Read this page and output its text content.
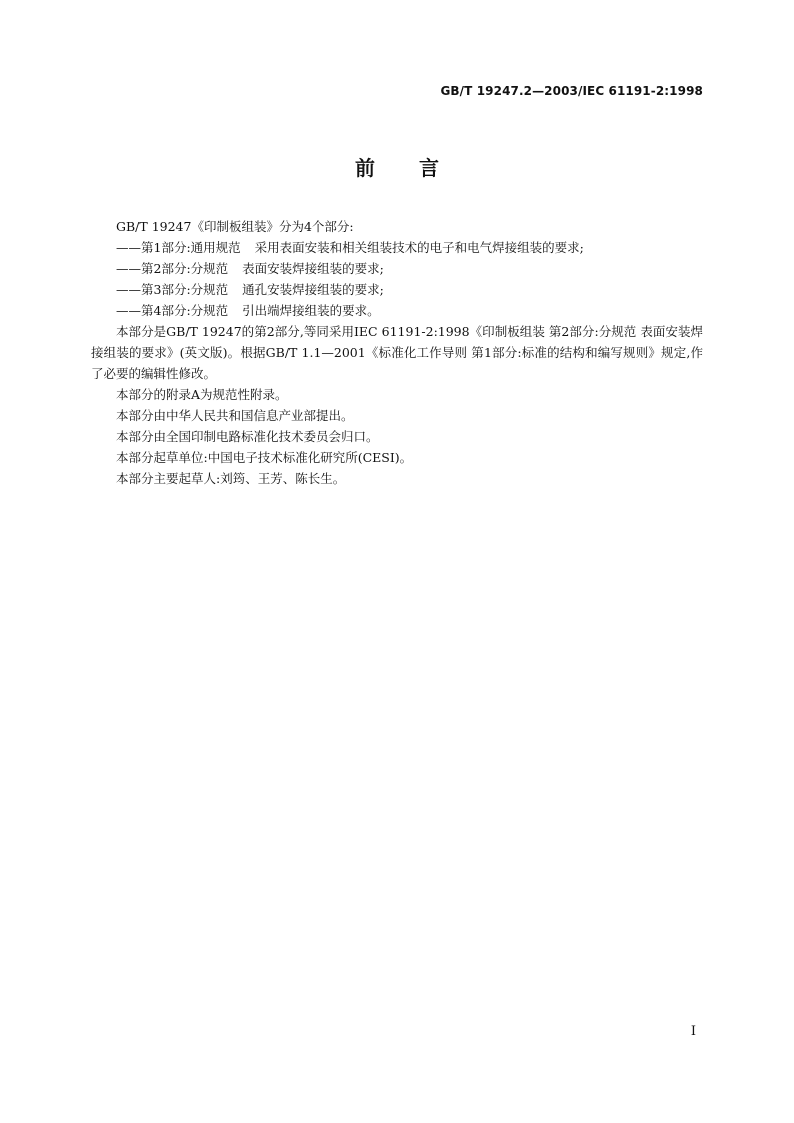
GB/T 19247.2—2003/IEC 61191-2:1998
前言

GB/T 19247《印制板组装》分为4个部分:

——第1部分:通用规范 采用表面安装和相关组装技术的电子和电气焊接组装的要求;

——第2部分:分规范 表面安装焊接组装的要求;

——第3部分:分规范 通孔安装焊接组装的要求;

——第4部分:分规范 引出端焊接组装的要求。

本部分是GB/T 19247的第2部分,等同采用IEC 61191-2:1998《印制板组装 第2部分:分规范 表面安装焊接组装的要求》(英文版)。根据GB/T 1.1—2001《标准化工作导则 第1部分:标准的结构和编写规则》规定,作了必要的编辑性修改。

本部分的附录A为规范性附录。

本部分由中华人民共和国信息产业部提出。

本部分由全国印制电路标准化技术委员会归口。

本部分起草单位:中国电子技术标准化研究所(CESI)。

本部分主要起草人:刘筠、王芳、陈长生。

I
